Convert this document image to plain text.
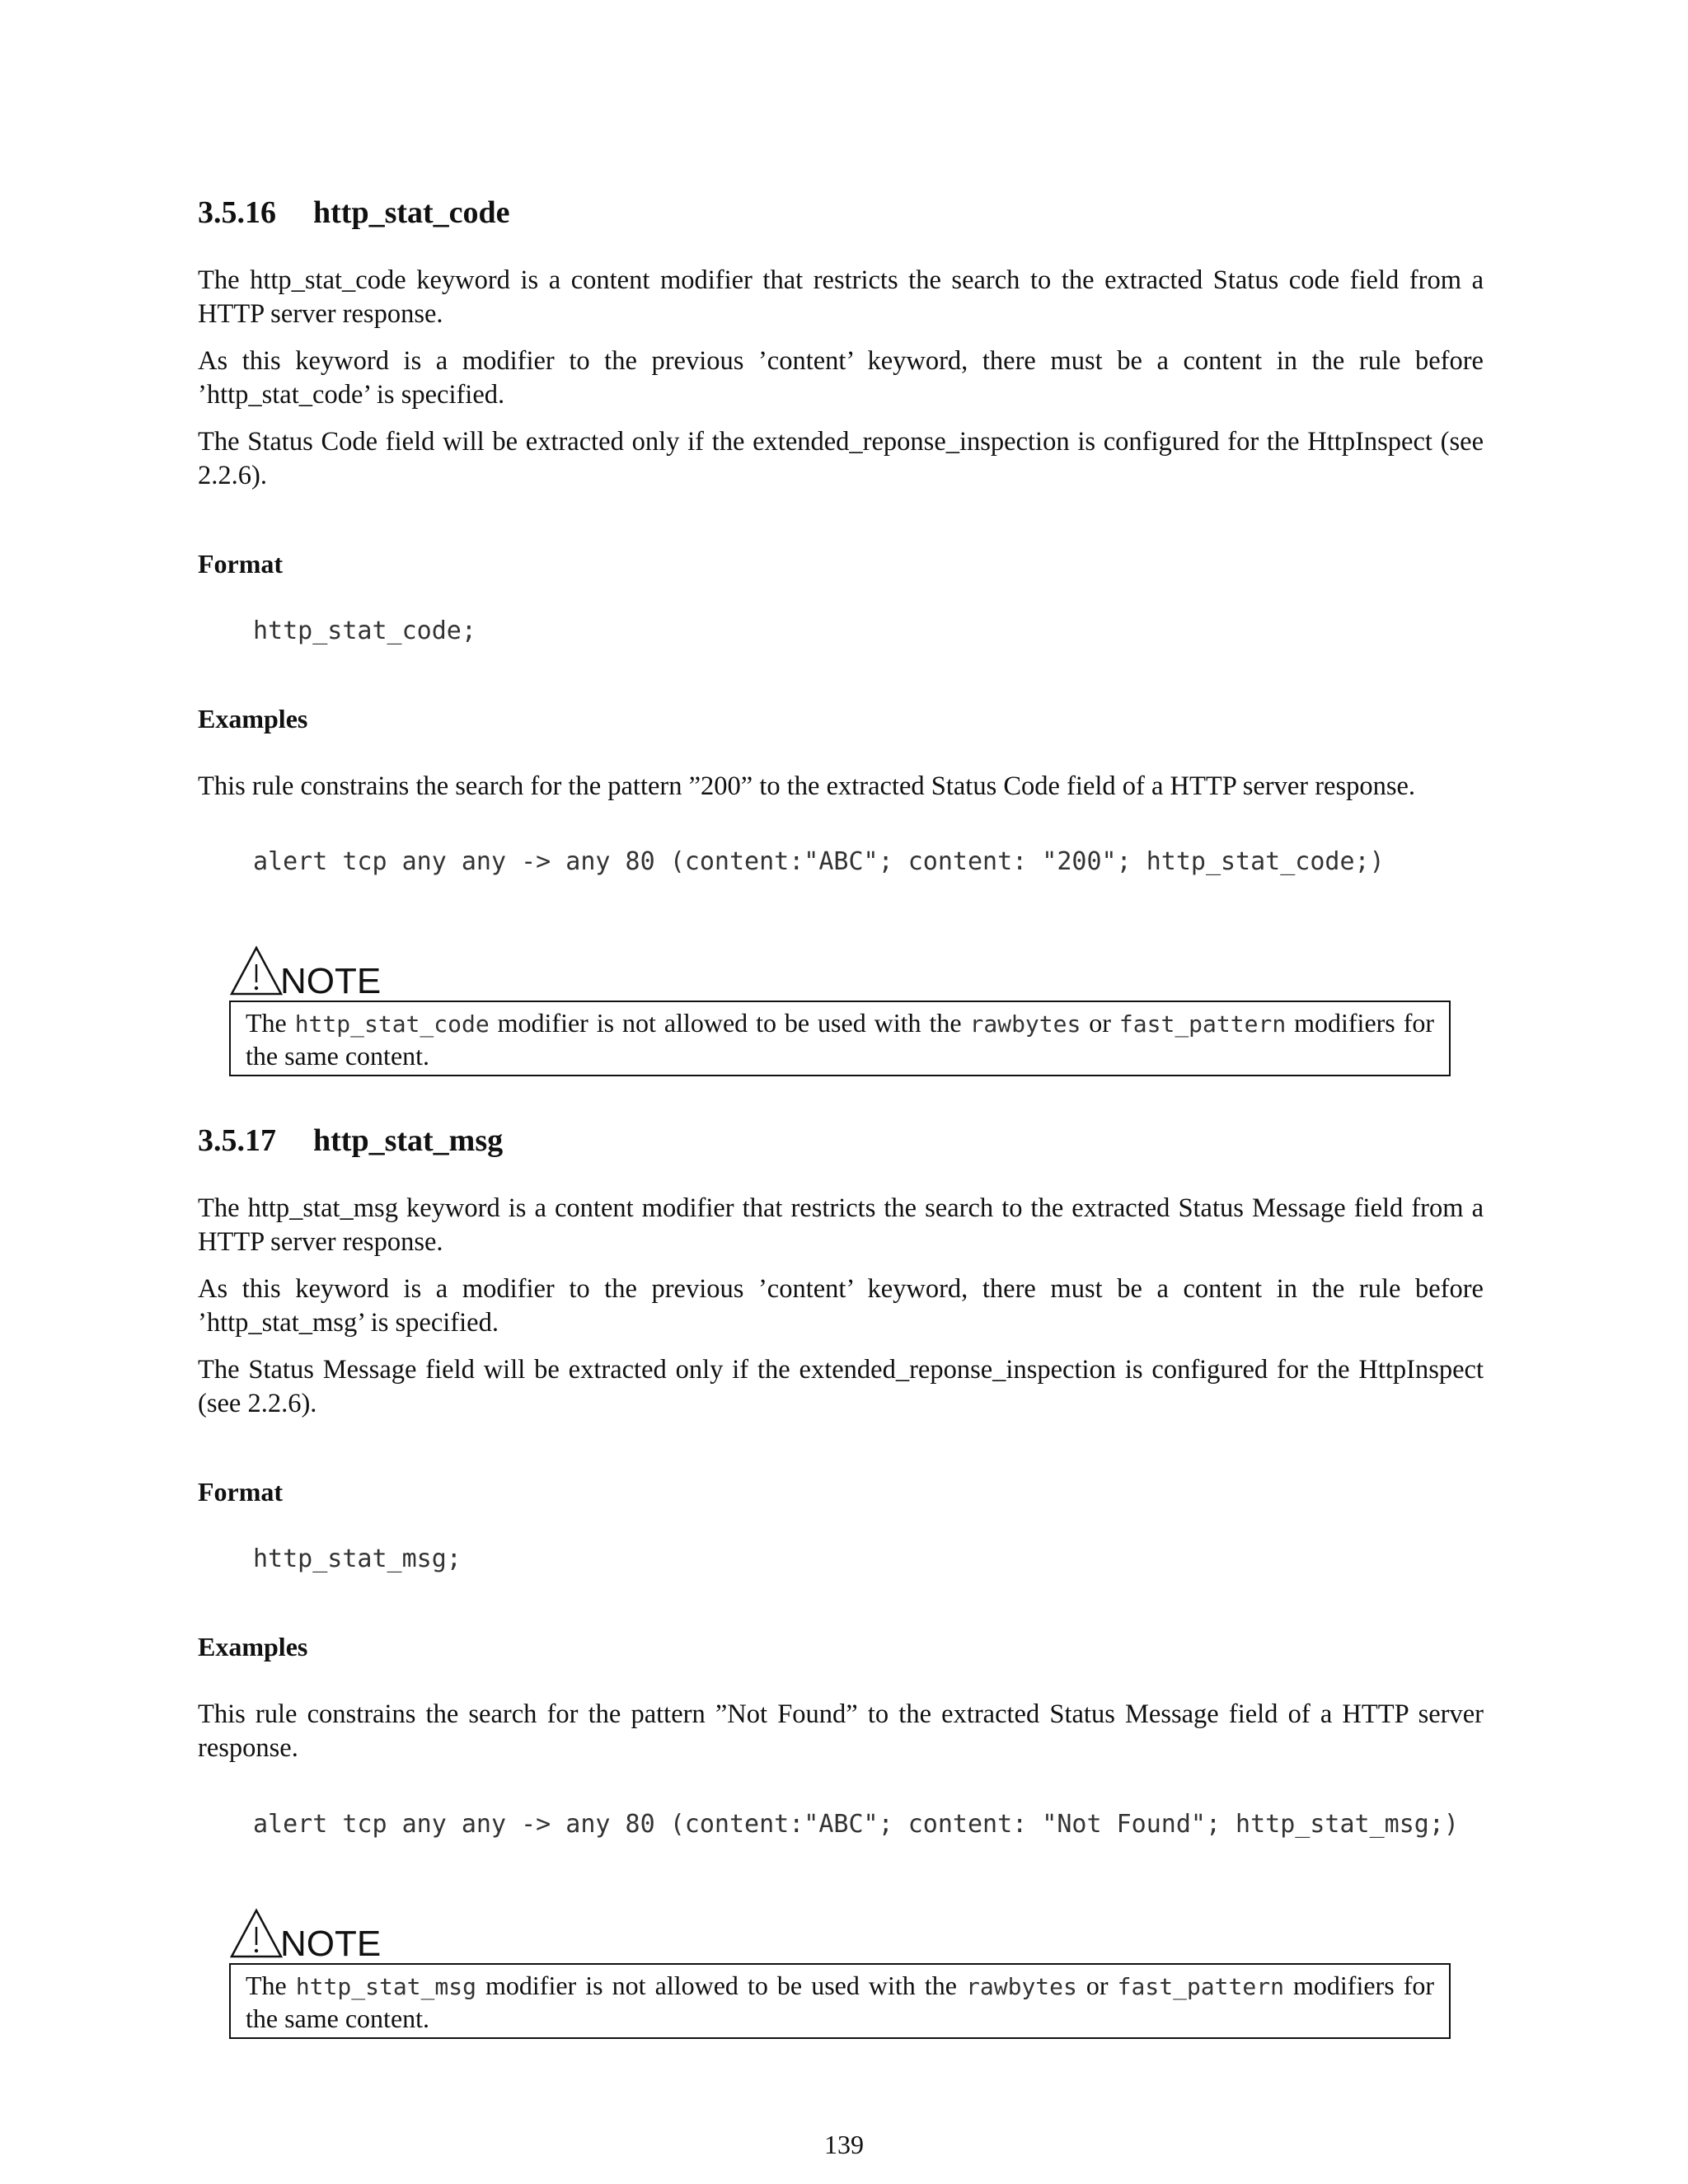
3.5.16 http_stat_code

The http_stat_code keyword is a content modifier that restricts the search to the extracted Status code field from a HTTP server response.

As this keyword is a modifier to the previous ’content’ keyword, there must be a content in the rule before ’http_stat_code’ is specified.

The Status Code field will be extracted only if the extended_reponse_inspection is configured for the HttpInspect (see 2.2.6).

Format
http_stat_code;
Examples

This rule constrains the search for the pattern ”200” to the extracted Status Code field of a HTTP server response.

alert tcp any any -> any 80 (content:"ABC"; content: "200"; http_stat_code;)
NOTE
The http_stat_code modifier is not allowed to be used with the rawbytes or fast_pattern modifiers for the same content.
3.5.17 http_stat_msg

The http_stat_msg keyword is a content modifier that restricts the search to the extracted Status Message field from a HTTP server response.

As this keyword is a modifier to the previous ’content’ keyword, there must be a content in the rule before ’http_stat_msg’ is specified.

The Status Message field will be extracted only if the extended_reponse_inspection is configured for the HttpInspect (see 2.2.6).

Format
http_stat_msg;
Examples

This rule constrains the search for the pattern ”Not Found” to the extracted Status Message field of a HTTP server response.

alert tcp any any -> any 80 (content:"ABC"; content: "Not Found"; http_stat_msg;)
NOTE
The http_stat_msg modifier is not allowed to be used with the rawbytes or fast_pattern modifiers for the same content.
139
